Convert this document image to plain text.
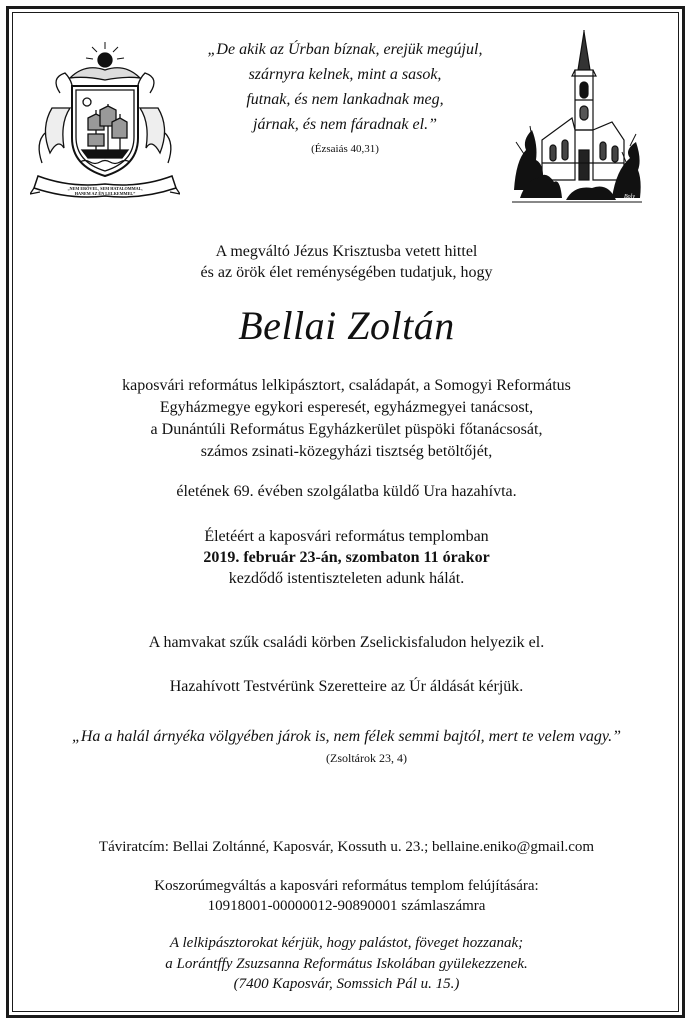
„NEM ERŐVEL, SEM HATALOMMAL,
HANEM AZ ÉN LELKEMMEL”
Boly
„De akik az Úrban bíznak, erejük megújul,
szárnyra kelnek, mint a sasok,
futnak, és nem lankadnak meg,
járnak, és nem fáradnak el.”
(Ézsaiás 40,31)
A megváltó Jézus Krisztusba vetett hittel
és az örök élet reménységében tudatjuk, hogy
Bellai Zoltán
kaposvári református lelkipásztort, családapát, a Somogyi Református
Egyházmegye egykori esperesét, egyházmegyei tanácsost,
a Dunántúli Református Egyházkerület püspöki főtanácsosát,
számos zsinati-közegyházi tisztség betöltőjét,
életének 69. évében szolgálatba küldő Ura hazahívta.
Életéért a kaposvári református templomban
2019. február 23-án, szombaton 11 órakor
kezdődő istentiszteleten adunk hálát.
A hamvakat szűk családi körben Zselickisfaludon helyezik el.
Hazahívott Testvérünk Szeretteire az Úr áldását kérjük.
„Ha a halál árnyéka völgyében járok is, nem félek semmi bajtól, mert te velem vagy.”
(Zsoltárok 23, 4)
Táviratcím: Bellai Zoltánné, Kaposvár, Kossuth u. 23.; bellaine.eniko@gmail.com
Koszorúmegváltás a kaposvári református templom felújítására:
10918001-00000012-90890001 számlaszámra
A lelkipásztorokat kérjük, hogy palástot, föveget hozzanak;
a Lorántffy Zsuzsanna Református Iskolában gyülekezzenek.
(7400 Kaposvár, Somssich Pál u. 15.)
